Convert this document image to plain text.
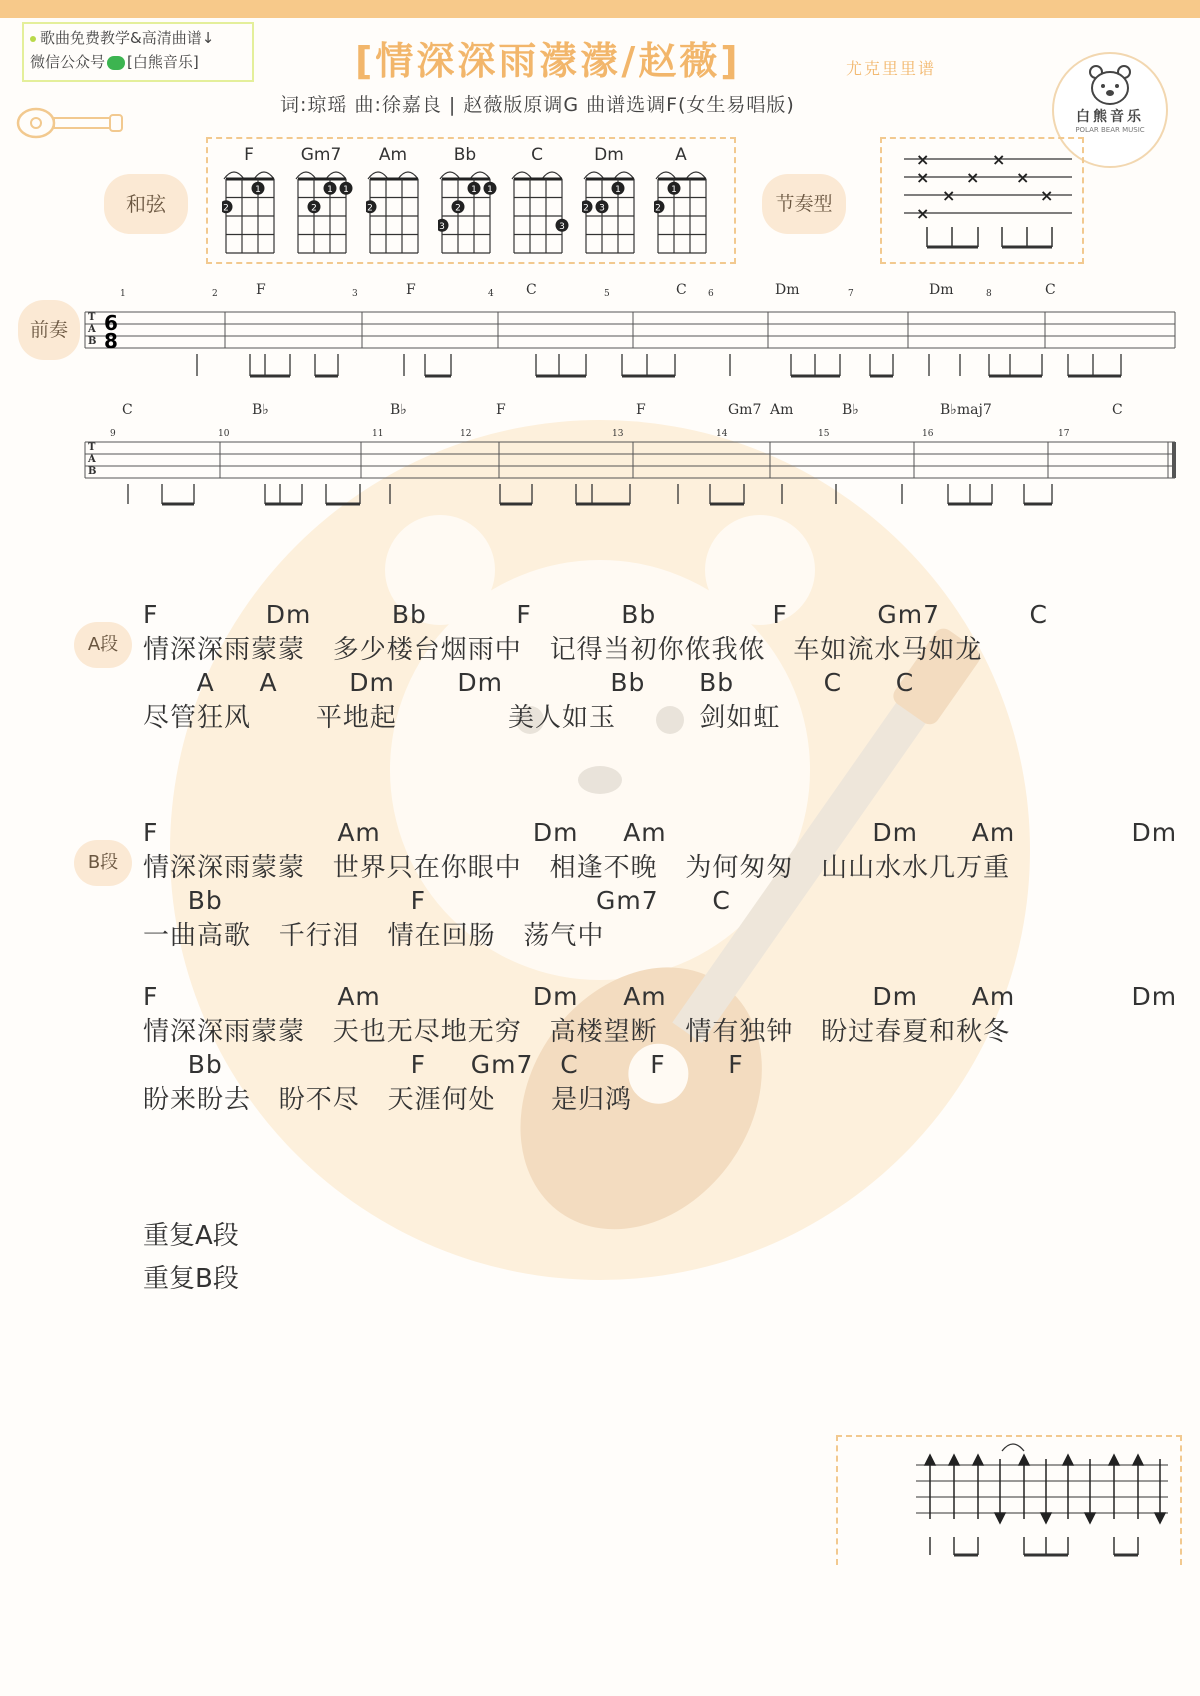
歌曲免费教学&高清曲谱↓
微信公众号 [白熊音乐]	[情深深雨濛濛/赵薇]	尤克里里谱
词:琼瑶 曲:徐嘉良 | 赵薇版原调G 曲谱选调F(女生易唱版)
白熊音乐
POLAR BEAR MUSIC
和弦
F
2
1
Gm7
2
1 1
Am
2
Bb
3
2
1 1
C
3
Dm
2 3
1
A
2
1
节奏型
×	×
× × ×
×	×
×
前奏
T
A
B
6
8
1	2	3	4	5	6	7	8
F	F	C	C	Dm	Dm	C
T
A
B
9	10	11	12	13	14	15	16	17
C	B♭	B♭	F	F	Gm7 Am	B♭	B♭maj7	C
A段
F            Dm         Bb          F          Bb             F          Gm7          C
情深深雨蒙蒙   多少楼台烟雨中   记得当初你侬我侬   车如流水马如龙
A     A        Dm       Dm            Bb      Bb          C      C
尽管狂风       平地起            美人如玉         剑如虹
B段
F                    Am                 Dm     Am                       Dm      Am             Dm
情深深雨蒙蒙   世界只在你眼中   相逢不晚   为何匆匆   山山水水几万重
Bb                     F                   Gm7      C
一曲高歌   千行泪   情在回肠   荡气中
F                    Am                 Dm     Am                       Dm      Am             Dm
情深深雨蒙蒙   天也无尽地无穷   高楼望断   情有独钟   盼过春夏和秋冬
Bb                     F     Gm7   C        F       F
盼来盼去   盼不尽   天涯何处      是归鸿
重复A段
重复B段
